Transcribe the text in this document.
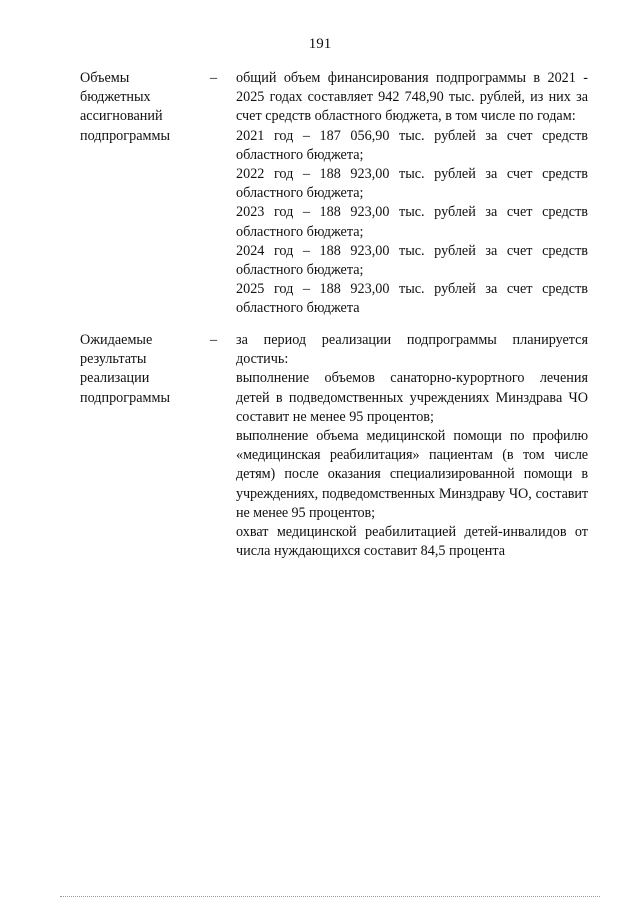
191
Объемы
бюджетных
ассигнований
подпрограммы
–	общий объем финансирования подпрограммы в 2021 - 2025 годах составляет 942 748,90 тыс. рублей, из них за счет средств областного бюджета, в том числе по годам:
2021 год – 187 056,90 тыс. рублей за счет средств областного бюджета;
2022 год – 188 923,00 тыс. рублей за счет средств областного бюджета;
2023 год – 188 923,00 тыс. рублей за счет средств областного бюджета;
2024 год – 188 923,00 тыс. рублей за счет средств областного бюджета;
2025 год – 188 923,00 тыс. рублей за счет средств областного бюджета
Ожидаемые
результаты
реализации
подпрограммы
–	за период реализации подпрограммы планируется достичь:
выполнение объемов санаторно-курортного лечения детей в подведомственных учреждениях Минздрава ЧО составит не менее 95 процентов;
выполнение объема медицинской помощи по профилю «медицинская реабилитация» пациентам (в том числе детям) после оказания специализированной помощи в учреждениях, подведомственных Минздраву ЧО, составит не менее 95 процентов;
охват медицинской реабилитацией детей-инвалидов от числа нуждающихся составит 84,5 процента
